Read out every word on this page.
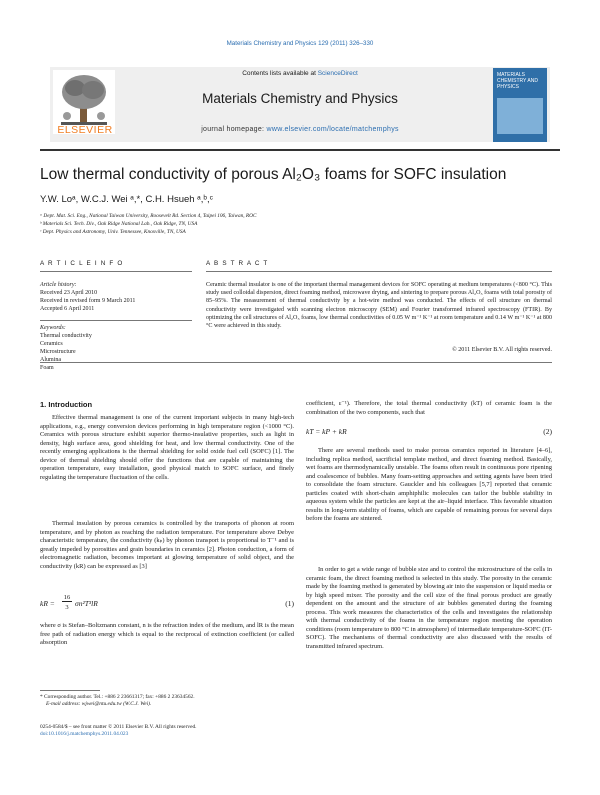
Materials Chemistry and Physics 129 (2011) 326–330
ELSEVIER
Contents lists available at ScienceDirect
Materials Chemistry and Physics
journal homepage: www.elsevier.com/locate/matchemphys
MATERIALS CHEMISTRY AND PHYSICS
Low thermal conductivity of porous Al₂O₃ foams for SOFC insulation
Y.W. Loᵃ, W.C.J. Wei ᵃ,*, C.H. Hsueh ᵃ,ᵇ,ᶜ
ᵃ Dept. Mat. Sci. Eng., National Taiwan University, Roosevelt Rd. Section 4, Taipei 106, Taiwan, ROC
ᵇ Materials Sci. Tech. Div., Oak Ridge National Lab., Oak Ridge, TN, USA
ᶜ Dept. Physics and Astronomy, Univ. Tennessee, Knoxville, TN, USA
A R T I C L E I N F O
Article history:
Received 23 April 2010
Received in revised form 9 March 2011
Accepted 6 April 2011
Keywords:
Thermal conductivity
Ceramics
Microstructure
Alumina
Foam
A B S T R A C T
Ceramic thermal insulator is one of the important thermal management devices for SOFC operating at medium temperatures (<800 °C). This study used colloidal dispersion, direct foaming method, microwave drying, and sintering to prepare porous Al₂O₃ foams with total porosity of 85–95%. The measurement of thermal conductivity by a hot-wire method was conducted. The effects of cell structure on thermal conductivity were investigated with scanning electron microscopy (SEM) and Fourier transformed infrared spectroscopy (FTIR). By optimizing the cell structures of Al₂O₃ foams, low thermal conductivities of 0.05 W m⁻¹ K⁻¹ at room temperature and 0.14 W m⁻¹ K⁻¹ at 800 °C were achieved in this study.
© 2011 Elsevier B.V. All rights reserved.
1. Introduction
Effective thermal management is one of the current important subjects in many high-tech applications, e.g., energy conversion devices performing in high temperature region (<1000 °C). Ceramics with porous structure exhibit superior thermo-insulative properties, such as light in density, high surface area, good shielding for heat, and low thermal conductivity. One of the recently emerging applications is the thermal shielding for solid oxide fuel cell (SOFC) [1]. The device of thermal shielding should offer the functions that are capable of maintaining the operation temperature, easy installation, good physical match to SOFC surface, and finely regulating the temperature fluctuation of the cells.
Thermal insulation by porous ceramics is controlled by the transports of phonon at room temperature, and by photon as reaching the radiation temperature. For temperature above Debye characteristic temperature, the conductivity (kₚ) by phonon transport is proportional to T⁻¹ and is greatly impeded by porosities and grain boundaries in ceramics [2]. Photon conduction, a form of electromagnetic radiation, becomes important at glowing temperature of solid object, and the conductivity (kR) can be expressed as [3]
kR =
16
3 σn²T³lR	(1)
where σ is Stefan–Boltzmann constant, n is the refraction index of the medium, and lR is the mean free path of radiation energy which is equal to the reciprocal of extinction coefficient (or called absorption
coefficient, ε⁻¹). Therefore, the total thermal conductivity (kT) of ceramic foam is the combination of the two components, such that
kT = kP + kR	(2)
There are several methods used to make porous ceramics reported in literature [4–6], including replica method, sacrificial template method, and direct foaming method. Basically, wet foams are thermodynamically unstable. The foams often result in continuous pore ripening and coalescence of bubbles. Many foam-setting approaches and setting agents have been tried to consolidate the foam structure. Gauckler and his colleagues [5,7] reported that ceramic particles coated with short-chain amphiphilic molecules can tailor the bubble stability in aqueous system while the particles are kept at the air–liquid interface. This favorable situation results in long-term stability of foams, which are capable of remaining porous for several days before the foams are sintered.
In order to get a wide range of bubble size and to control the microstructure of the cells in ceramic foam, the direct foaming method is selected in this study. The porosity in the ceramic made by the foaming method is generated by blowing air into the suspension or liquid media or by high speed mixer. The porosity and the cell size of the final porous product are greatly dependent on the amount and the structure of air bubbles generated during the foaming process. This work measures the characteristics of the cells and investigates the relationship with thermal conductivity of the foams in the temperature region meeting the operation conditions (room temperature to 800 °C in atmosphere) of intermediate temperature-SOFC (IT-SOFC). The mechanisms of thermal conductivity are also discussed with the results of transmitted infrared spectrum.
* Corresponding author. Tel.: +886 2 23661317; fax: +886 2 23634562.
E-mail address: wjwei@ntu.edu.tw (W.C.J. Wei).
0254-0584/$ – see front matter © 2011 Elsevier B.V. All rights reserved.
doi:10.1016/j.matchemphys.2011.04.023
